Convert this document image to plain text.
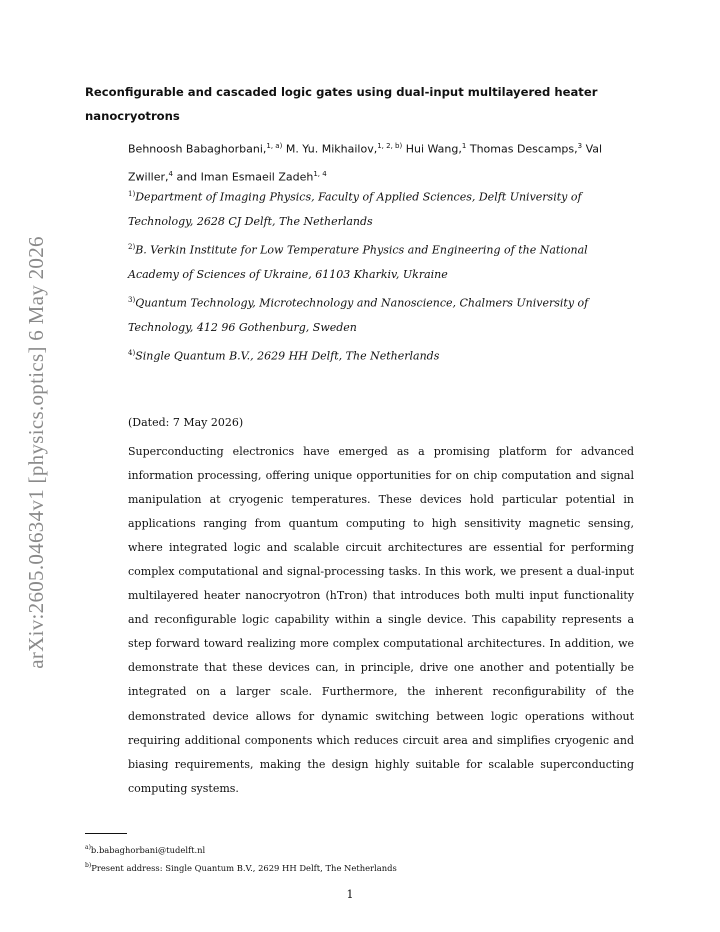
arXiv:2605.04634v1 [physics.optics] 6 May 2026
Reconfigurable and cascaded logic gates using dual-input multilayered heater nanocryotrons
Behnoosh Babaghorbani,$^{1, a)}$ M. Yu. Mikhailov,$^{1, 2, b)}$ Hui Wang,$^1$ Thomas Descamps,$^3$ Val Zwiller,$^4$ and Iman Esmaeil Zadeh$^{1, 4}$
$^{1)}$Department of Imaging Physics, Faculty of Applied Sciences, Delft University of Technology, 2628 CJ Delft, The Netherlands
$^{2)}$B. Verkin Institute for Low Temperature Physics and Engineering of the National Academy of Sciences of Ukraine, 61103 Kharkiv, Ukraine
$^{3)}$Quantum Technology, Microtechnology and Nanoscience, Chalmers University of Technology, 412 96 Gothenburg, Sweden
$^{4)}$Single Quantum B.V., 2629 HH Delft, The Netherlands
(Dated: 7 May 2026)

Superconducting electronics have emerged as a promising platform for advanced information processing, offering unique opportunities for on chip computation and signal manipulation at cryogenic temperatures. These devices hold particular potential in applications ranging from quantum computing to high sensitivity magnetic sensing, where integrated logic and scalable circuit architectures are essential for performing complex computational and signal-processing tasks. In this work, we present a dual-input multilayered heater nanocryotron (hTron) that introduces both multi input functionality and reconfigurable logic capability within a single device. This capability represents a step forward toward realizing more complex computational architectures. In addition, we demonstrate that these devices can, in principle, drive one another and potentially be integrated on a larger scale. Furthermore, the inherent reconfigurability of the demonstrated device allows for dynamic switching between logic operations without requiring additional components which reduces circuit area and simplifies cryogenic and biasing requirements, making the design highly suitable for scalable superconducting computing systems.

$^{a)}$b.babaghorbani@tudelft.nl
$^{b)}$Present address: Single Quantum B.V., 2629 HH Delft, The Netherlands
1
